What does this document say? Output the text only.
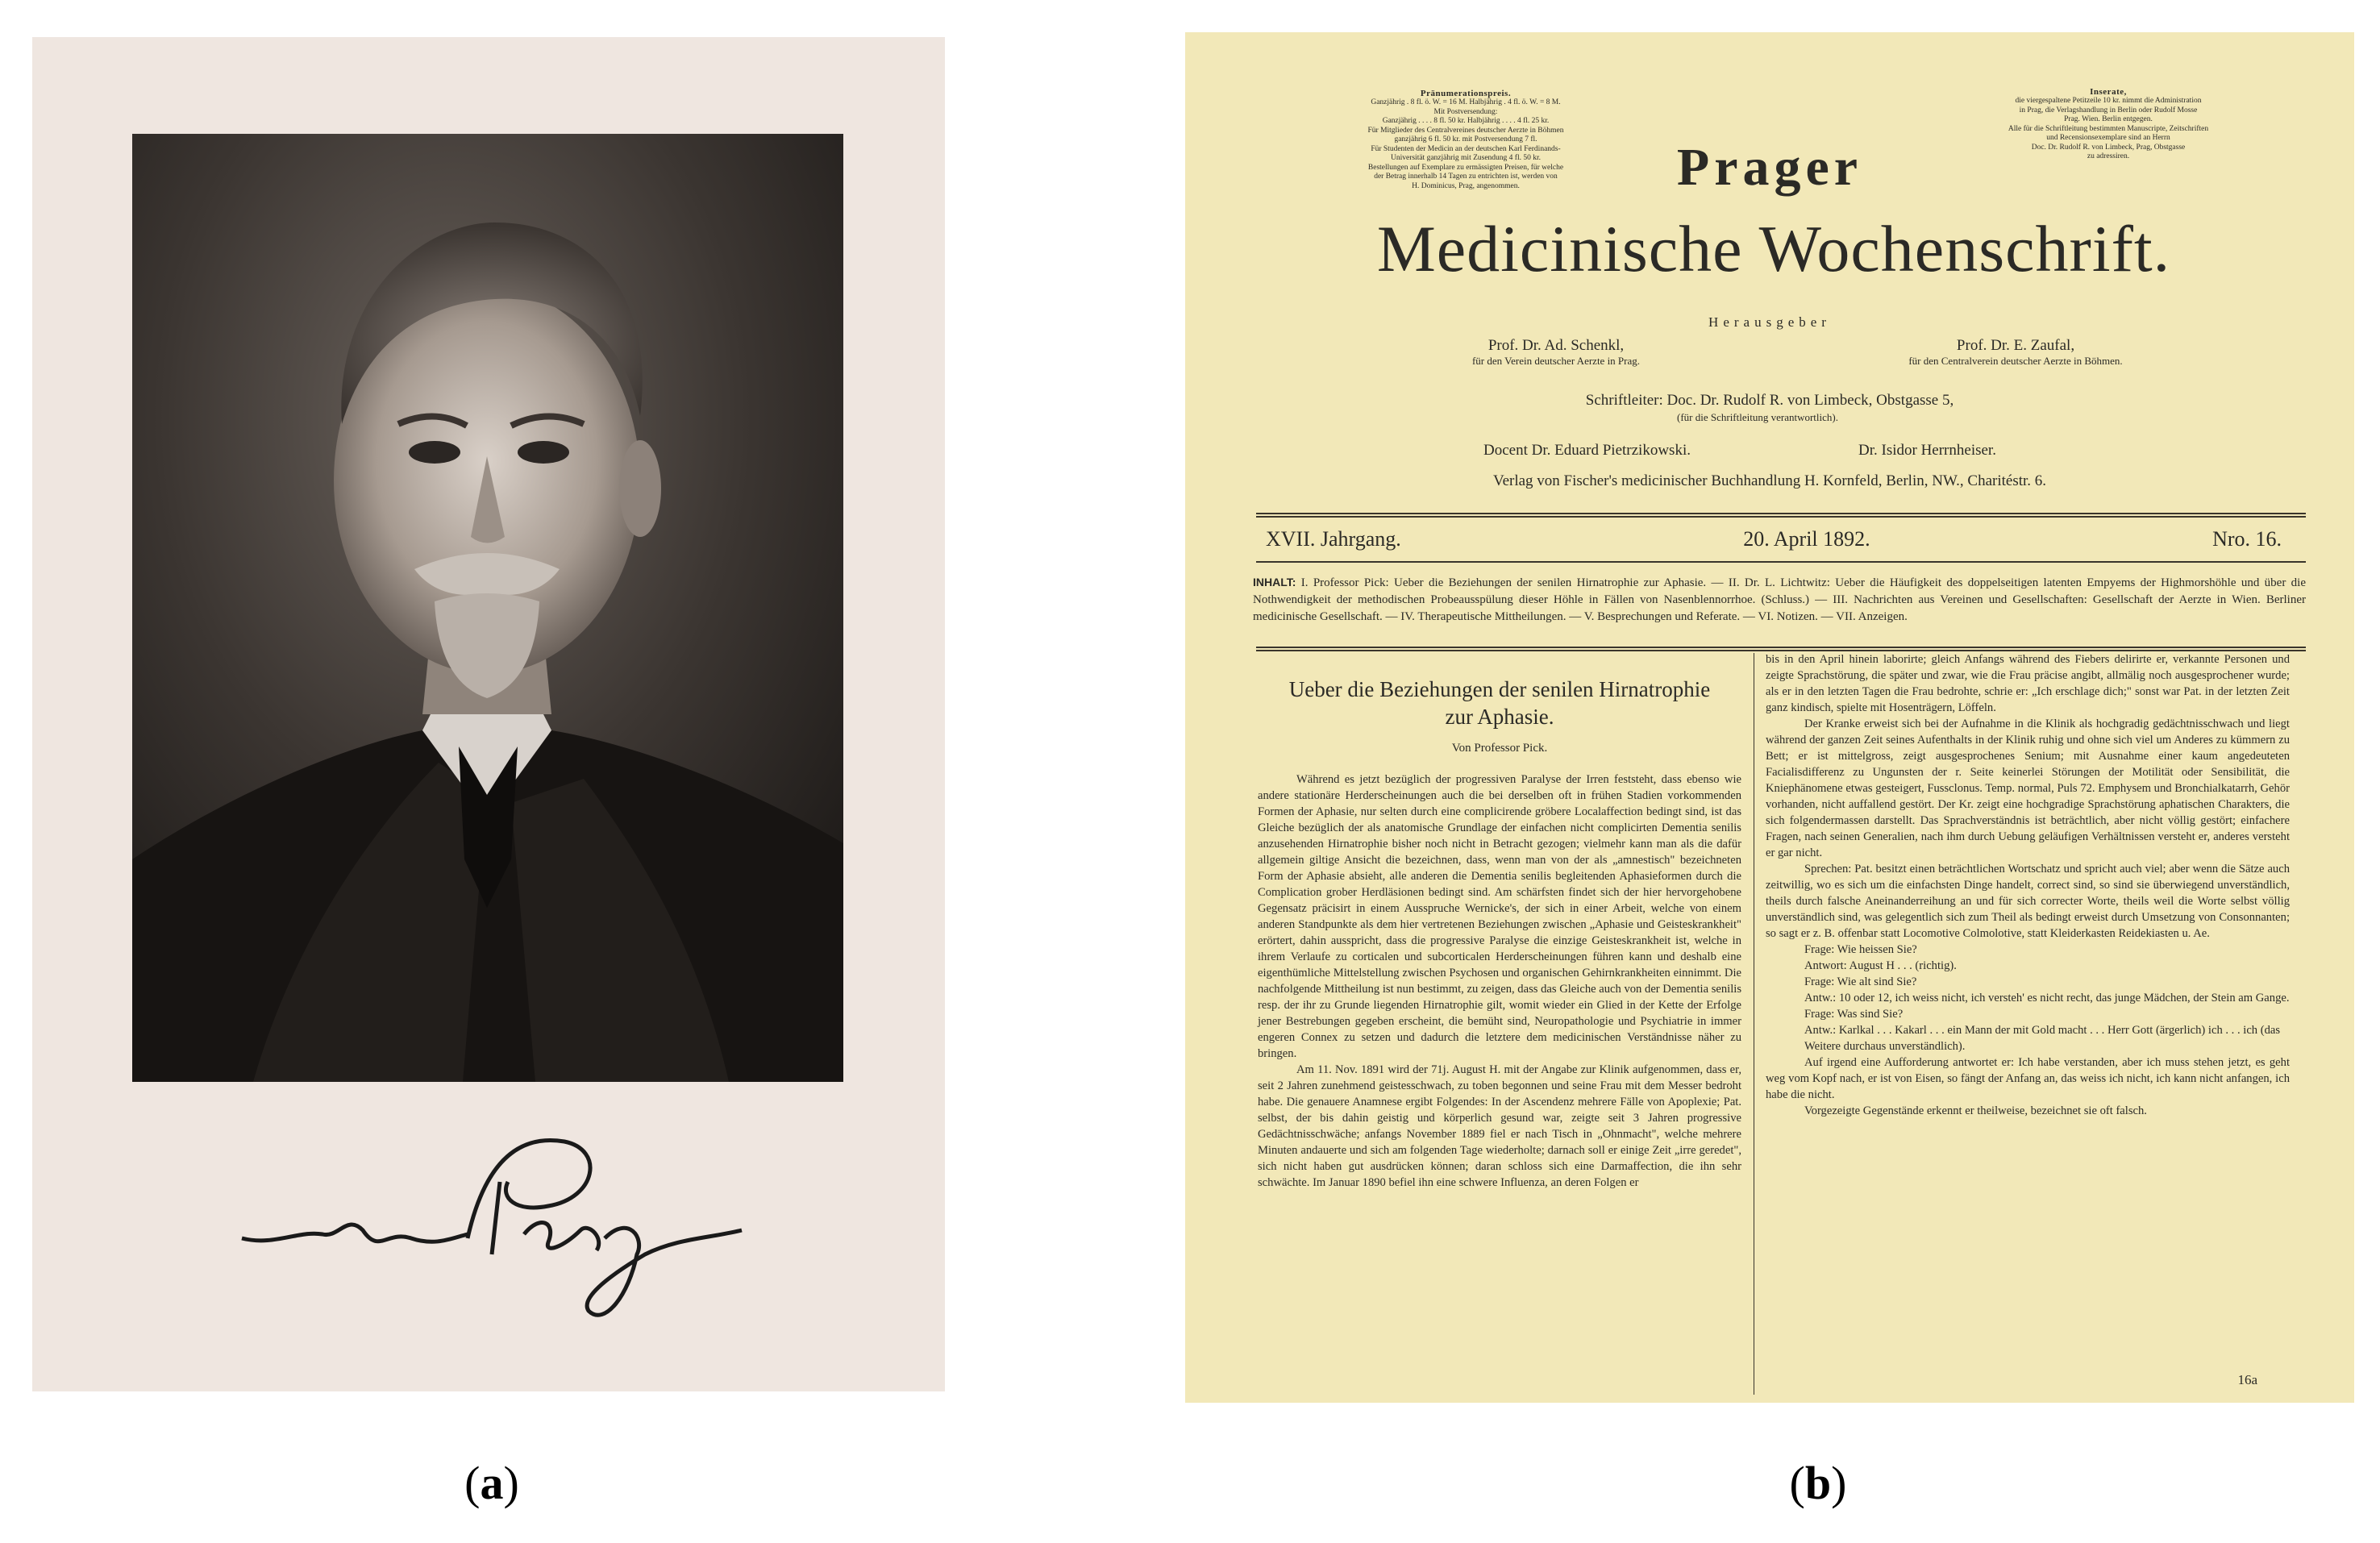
Pränumerationspreis.
Ganzjährig . 8 fl. ö. W. = 16 M. Halbjährig . 4 fl. ö. W. = 8 M.
Mit Postversendung:
Ganzjährig . . . . 8 fl. 50 kr. Halbjährig . . . . 4 fl. 25 kr.
Für Mitglieder des Centralvereines deutscher Aerzte in Böhmen
ganzjährig 6 fl. 50 kr. mit Postversendung 7 fl.
Für Studenten der Medicin an der deutschen Karl Ferdinands-
Universität ganzjährig mit Zusendung 4 fl. 50 kr.
Bestellungen auf Exemplare zu ermässigten Preisen, für welche
der Betrag innerhalb 14 Tagen zu entrichten ist, werden von
H. Dominicus, Prag, angenommen.
Inserate,
die viergespaltene Petitzeile 10 kr. nimmt die Administration
in Prag, die Verlagshandlung in Berlin oder Rudolf Mosse
Prag. Wien. Berlin entgegen.
Alle für die Schriftleitung bestimmten Manuscripte, Zeitschriften
und Recensionsexemplare sind an Herrn
Doc. Dr. Rudolf R. von Limbeck, Prag, Obstgasse
zu adressiren.
Prager
Medicinische Wochenschrift.
Herausgeber
Prof. Dr. Ad. Schenkl,
für den Verein deutscher Aerzte in Prag.
Prof. Dr. E. Zaufal,
für den Centralverein deutscher Aerzte in Böhmen.
Schriftleiter: Doc. Dr. Rudolf R. von Limbeck, Obstgasse 5,
(für die Schriftleitung verantwortlich).
Docent Dr. Eduard Pietrzikowski.	Dr. Isidor Herrnheiser.
Verlag von Fischer's medicinischer Buchhandlung H. Kornfeld, Berlin, NW., Charitéstr. 6.
XVII. Jahrgang.	20. April 1892.	Nro. 16.
INHALT: I. Professor Pick: Ueber die Beziehungen der senilen Hirnatrophie zur Aphasie. — II. Dr. L. Lichtwitz: Ueber die Häufigkeit des doppelseitigen latenten Empyems der Highmorshöhle und über die Nothwendigkeit der methodischen Probeausspülung dieser Höhle in Fällen von Nasenblennorrhoe. (Schluss.) — III. Nachrichten aus Vereinen und Gesellschaften: Gesellschaft der Aerzte in Wien. Berliner medicinische Gesellschaft. — IV. Therapeutische Mittheilungen. — V. Besprechungen und Referate. — VI. Notizen. — VII. Anzeigen.
Ueber die Beziehungen der senilen Hirnatrophie
zur Aphasie.
Von Professor Pick.

Während es jetzt bezüglich der progressiven Paralyse der Irren feststeht, dass ebenso wie andere stationäre Herderscheinungen auch die bei derselben oft in frühen Stadien vorkommenden Formen der Aphasie, nur selten durch eine complicirende gröbere Localaffection bedingt sind, ist das Gleiche bezüglich der als anatomische Grundlage der einfachen nicht complicirten Dementia senilis anzusehenden Hirnatrophie bisher noch nicht in Betracht gezogen; vielmehr kann man als die dafür allgemein giltige Ansicht die bezeichnen, dass, wenn man von der als „amnestisch" bezeichneten Form der Aphasie absieht, alle anderen die Dementia senilis begleitenden Aphasieformen durch die Complication grober Herdläsionen bedingt sind. Am schärfsten findet sich der hier hervorgehobene Gegensatz präcisirt in einem Ausspruche Wernicke's, der sich in einer Arbeit, welche von einem anderen Standpunkte als dem hier vertretenen Beziehungen zwischen „Aphasie und Geisteskrankheit" erörtert, dahin ausspricht, dass die progressive Paralyse die einzige Geisteskrankheit ist, welche in ihrem Verlaufe zu corticalen und subcorticalen Herderscheinungen führen kann und deshalb eine eigenthümliche Mittelstellung zwischen Psychosen und organischen Gehirnkrankheiten einnimmt. Die nachfolgende Mittheilung ist nun bestimmt, zu zeigen, dass das Gleiche auch von der Dementia senilis resp. der ihr zu Grunde liegenden Hirnatrophie gilt, womit wieder ein Glied in der Kette der Erfolge jener Bestrebungen gegeben erscheint, die bemüht sind, Neuropathologie und Psychiatrie in immer engeren Connex zu setzen und dadurch die letztere dem medicinischen Verständnisse näher zu bringen.

Am 11. Nov. 1891 wird der 71j. August H. mit der Angabe zur Klinik aufgenommen, dass er, seit 2 Jahren zunehmend geistesschwach, zu toben begonnen und seine Frau mit dem Messer bedroht habe. Die genauere Anamnese ergibt Folgendes: In der Ascendenz mehrere Fälle von Apoplexie; Pat. selbst, der bis dahin geistig und körperlich gesund war, zeigte seit 3 Jahren progressive Gedächtnisschwäche; anfangs November 1889 fiel er nach Tisch in „Ohnmacht", welche mehrere Minuten andauerte und sich am folgenden Tage wiederholte; darnach soll er einige Zeit „irre geredet", sich nicht haben gut ausdrücken können; daran schloss sich eine Darmaffection, die ihn sehr schwächte. Im Januar 1890 befiel ihn eine schwere Influenza, an deren Folgen er

bis in den April hinein laborirte; gleich Anfangs während des Fiebers delirirte er, verkannte Personen und zeigte Sprachstörung, die später und zwar, wie die Frau präcise angibt, allmälig noch ausgesprochener wurde; als er in den letzten Tagen die Frau bedrohte, schrie er: „Ich erschlage dich;" sonst war Pat. in der letzten Zeit ganz kindisch, spielte mit Hosenträgern, Löffeln.

Der Kranke erweist sich bei der Aufnahme in die Klinik als hochgradig gedächtnisschwach und liegt während der ganzen Zeit seines Aufenthalts in der Klinik ruhig und ohne sich viel um Anderes zu kümmern zu Bett; er ist mittelgross, zeigt ausgesprochenes Senium; mit Ausnahme einer kaum angedeuteten Facialisdifferenz zu Ungunsten der r. Seite keinerlei Störungen der Motilität oder Sensibilität, die Kniephänomene etwas gesteigert, Fussclonus. Temp. normal, Puls 72. Emphysem und Bronchialkatarrh, Gehör vorhanden, nicht auffallend gestört. Der Kr. zeigt eine hochgradige Sprachstörung aphatischen Charakters, die sich folgendermassen darstellt. Das Sprachverständnis ist beträchtlich, aber nicht völlig gestört; einfachere Fragen, nach seinen Generalien, nach ihm durch Uebung geläufigen Verhältnissen versteht er, anderes versteht er gar nicht.

Sprechen: Pat. besitzt einen beträchtlichen Wortschatz und spricht auch viel; aber wenn die Sätze auch zeitwillig, wo es sich um die einfachsten Dinge handelt, correct sind, so sind sie überwiegend unverständlich, theils durch falsche Aneinanderreihung an und für sich correcter Worte, theils weil die Worte selbst völlig unverständlich sind, was gelegentlich sich zum Theil als bedingt erweist durch Umsetzung von Consonnanten; so sagt er z. B. offenbar statt Locomotive Colmolotive, statt Kleiderkasten Reidekiasten u. Ae.

Frage: Wie heissen Sie?

Antwort: August H . . . (richtig).

Frage: Wie alt sind Sie?

Antw.: 10 oder 12, ich weiss nicht, ich versteh' es nicht recht, das junge Mädchen, der Stein am Gange.

Frage: Was sind Sie?

Antw.: Karlkal . . . Kakarl . . . ein Mann der mit Gold macht . . . Herr Gott (ärgerlich) ich . . . ich (das Weitere durchaus unverständlich).

Auf irgend eine Aufforderung antwortet er: Ich habe verstanden, aber ich muss stehen jetzt, es geht weg vom Kopf nach, er ist von Eisen, so fängt der Anfang an, das weiss ich nicht, ich kann nicht anfangen, ich habe die nicht.

Vorgezeigte Gegenstände erkennt er theilweise, bezeichnet sie oft falsch.

16a
(a)	(b)
